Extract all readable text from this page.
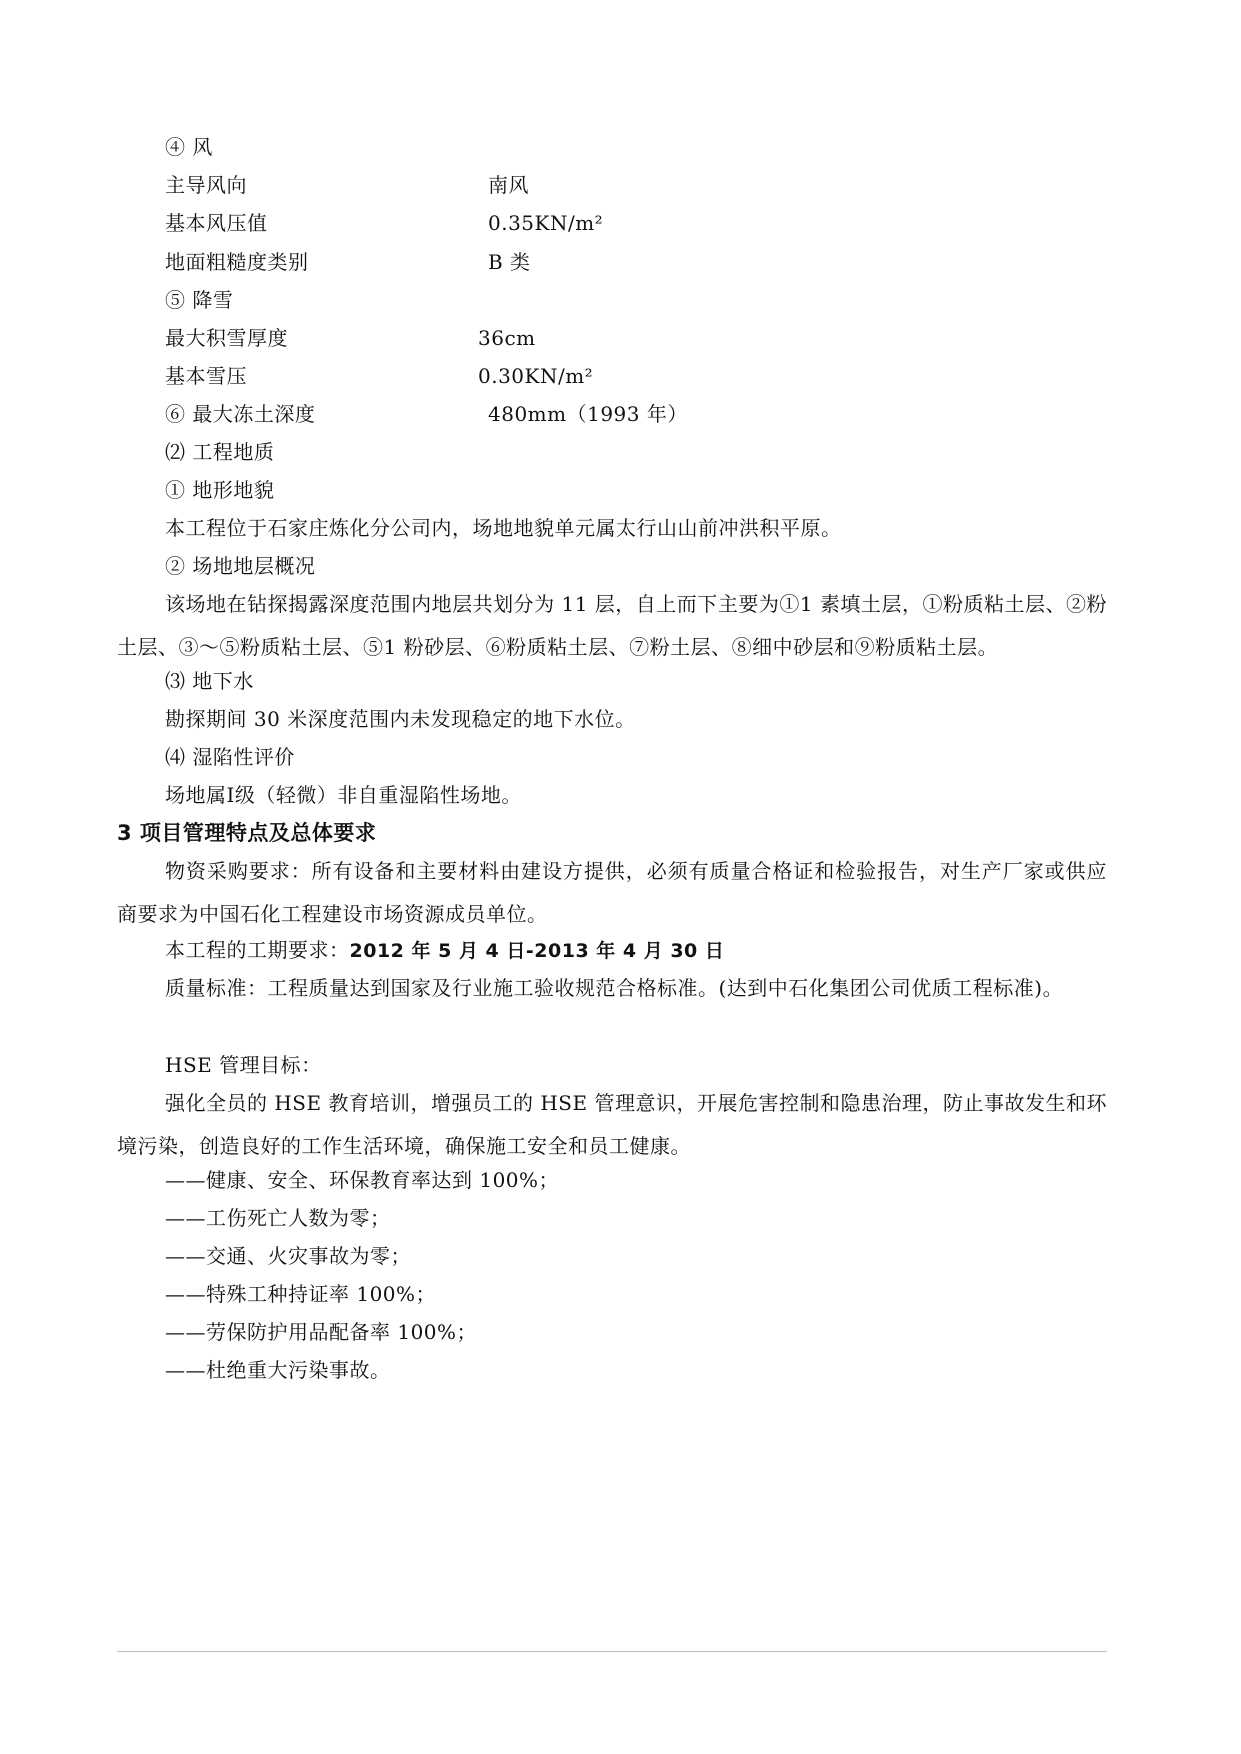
④ 风
主导风向	南风
基本风压值	0.35KN/m²
地面粗糙度类别	B 类
⑤ 降雪
最大积雪厚度	36cm
基本雪压	0.30KN/m²
⑥ 最大冻土深度	480mm（1993 年）
⑵ 工程地质
① 地形地貌
本工程位于石家庄炼化分公司内，场地地貌单元属太行山山前冲洪积平原。
② 场地地层概况
该场地在钻探揭露深度范围内地层共划分为 11 层，自上而下主要为①1 素填土层，①粉质粘土层、②粉土层、③～⑤粉质粘土层、⑤1 粉砂层、⑥粉质粘土层、⑦粉土层、⑧细中砂层和⑨粉质粘土层。
⑶ 地下水
勘探期间 30 米深度范围内未发现稳定的地下水位。
⑷ 湿陷性评价
场地属Ⅰ级（轻微）非自重湿陷性场地。
3 项目管理特点及总体要求
物资采购要求：所有设备和主要材料由建设方提供，必须有质量合格证和检验报告，对生产厂家或供应商要求为中国石化工程建设市场资源成员单位。
本工程的工期要求：2012 年 5 月 4 日-2013 年 4 月 30 日
质量标准：工程质量达到国家及行业施工验收规范合格标准。(达到中石化集团公司优质工程标准)。
HSE 管理目标：
强化全员的 HSE 教育培训，增强员工的 HSE 管理意识，开展危害控制和隐患治理，防止事故发生和环境污染，创造良好的工作生活环境，确保施工安全和员工健康。
——健康、安全、环保教育率达到 100%；
——工伤死亡人数为零；
——交通、火灾事故为零；
——特殊工种持证率 100%；
——劳保防护用品配备率 100%；
——杜绝重大污染事故。
